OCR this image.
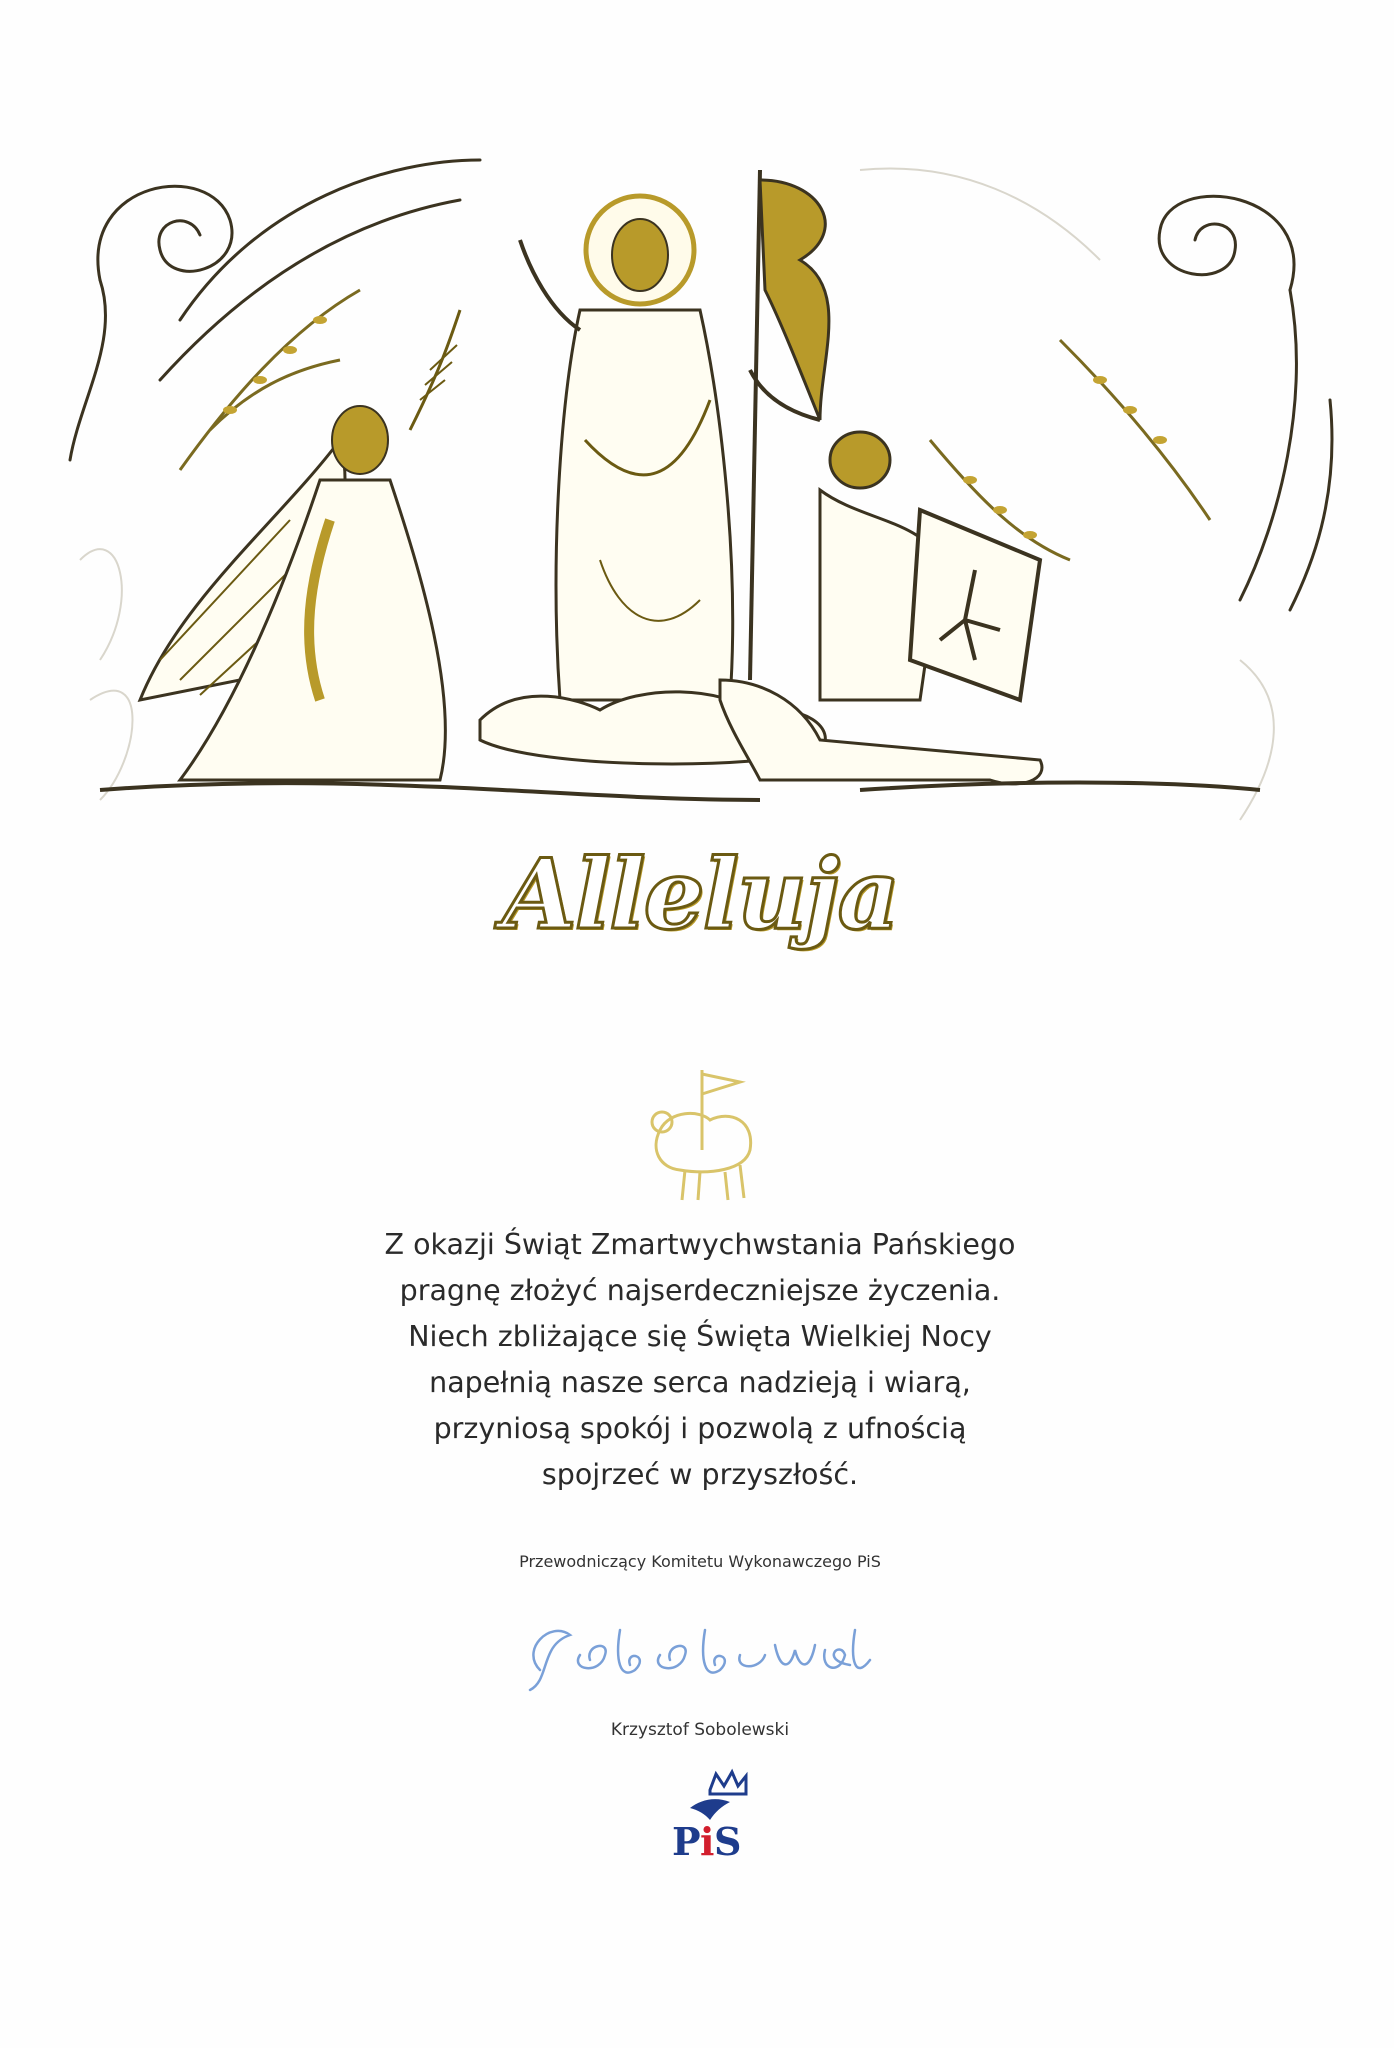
Alleluja
Z okazji Świąt Zmartwychwstania Pańskiego
pragnę złożyć najserdeczniejsze życzenia.
Niech zbliżające się Święta Wielkiej Nocy
napełnią nasze serca nadzieją i wiarą,
przyniosą spokój i pozwolą z ufnością
spojrzeć w przyszłość.
Przewodniczący Komitetu Wykonawczego PiS
Krzysztof Sobolewski
P i S
